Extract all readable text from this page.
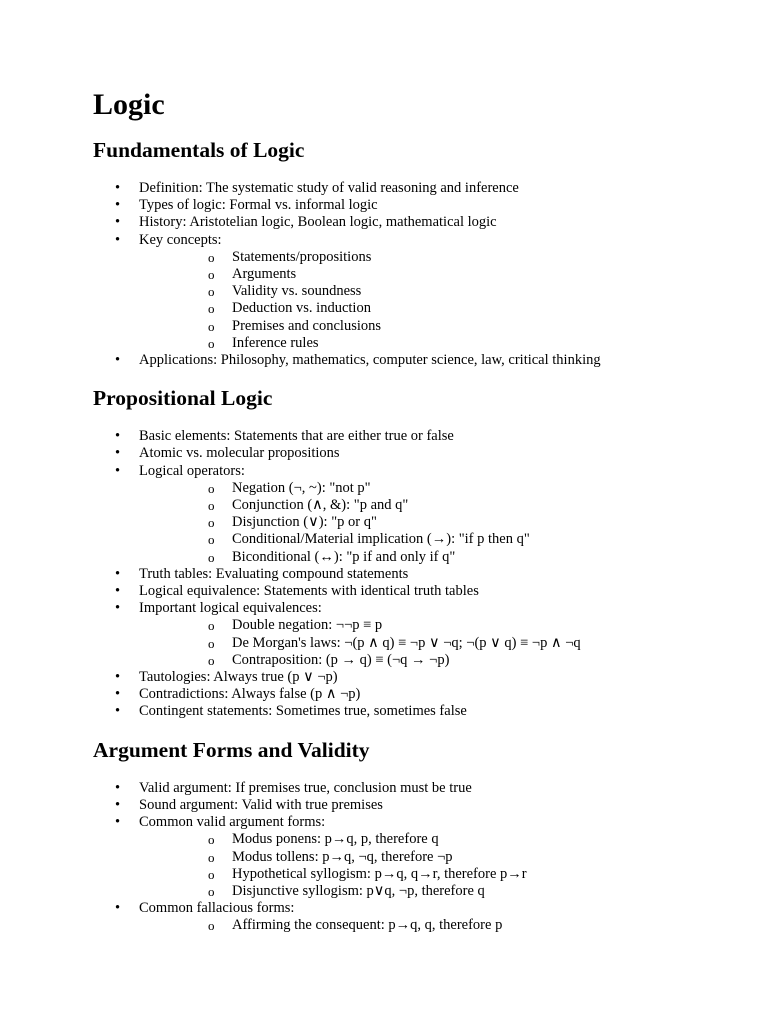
Logic
Fundamentals of Logic
• Definition: The systematic study of valid reasoning and inference
• Types of logic: Formal vs. informal logic
• History: Aristotelian logic, Boolean logic, mathematical logic
• Key concepts:
o Statements/propositions
o Arguments
o Validity vs. soundness
o Deduction vs. induction
o Premises and conclusions
o Inference rules
• Applications: Philosophy, mathematics, computer science, law, critical thinking
Propositional Logic
• Basic elements: Statements that are either true or false
• Atomic vs. molecular propositions
• Logical operators:
o Negation (¬, ~): "not p"
o Conjunction (∧, &): "p and q"
o Disjunction (∨): "p or q"
o Conditional/Material implication (→): "if p then q"
o Biconditional (↔): "p if and only if q"
• Truth tables: Evaluating compound statements
• Logical equivalence: Statements with identical truth tables
• Important logical equivalences:
o Double negation: ¬¬p ≡ p
o De Morgan's laws: ¬(p ∧ q) ≡ ¬p ∨ ¬q; ¬(p ∨ q) ≡ ¬p ∧ ¬q
o Contraposition: (p → q) ≡ (¬q → ¬p)
• Tautologies: Always true (p ∨ ¬p)
• Contradictions: Always false (p ∧ ¬p)
• Contingent statements: Sometimes true, sometimes false
Argument Forms and Validity
• Valid argument: If premises true, conclusion must be true
• Sound argument: Valid with true premises
• Common valid argument forms:
o Modus ponens: p→q, p, therefore q
o Modus tollens: p→q, ¬q, therefore ¬p
o Hypothetical syllogism: p→q, q→r, therefore p→r
o Disjunctive syllogism: p∨q, ¬p, therefore q
• Common fallacious forms:
o Affirming the consequent: p→q, q, therefore p
